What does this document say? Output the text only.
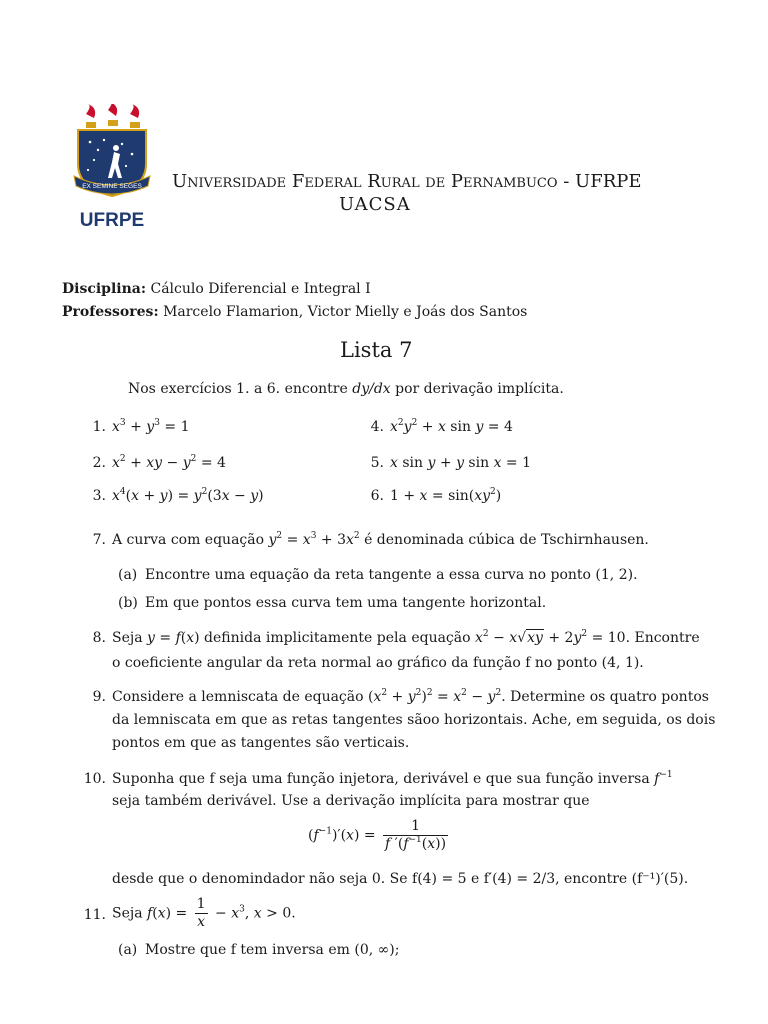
EX SEMINE SEGES
UFRPE
Universidade Federal Rural de Pernambuco - UFRPE
UACSA
Disciplina: Cálculo Diferencial e Integral I
Professores: Marcelo Flamarion, Victor Mielly e Joás dos Santos
Lista 7
Nos exercícios 1. a 6. encontre dy/dx por derivação implícita.
1. $x^3 + y^3 = 1$
2. $x^2$ + xy − $y^2 = 4$
3. $x^4(x + y) = y^2(3x - y)$
4. $x^2y^2 + x$ sin y = 4
5. x sin y + y sin x = 1
6. $1 + x = \sin(xy^2)$
7. A curva com equação $y^2 = x^3 + 3x^2$ é denominada cúbica de Tschirnhausen.
(a) Encontre uma equação da reta tangente a essa curva no ponto (1, 2).
(b) Em que pontos essa curva tem uma tangente horizontal.
8. Seja y = f(x) definida implicitamente pela equação $x^2 - x√xy + 2y^2 = 10$. Encontre
o coeficiente angular da reta normal ao gráfico da função f no ponto (4, 1).
9. Considere a lemniscata de equação $(x^2 + y^2)^2 = x^2 - y^2$. Determine os quatro pontos
da lemniscata em que as retas tangentes sãoo horizontais. Ache, em seguida, os dois
pontos em que as tangentes são verticais.
10. Suponha que f seja uma função injetora, derivável e que sua função inversa $f^{-1}$
seja também derivável. Use a derivação implícita para mostrar que
$(f^{-1})'(x) = \frac{1}{f '(f^{-1}(x))}$
desde que o denomindador não seja 0. Se f(4) = 5 e f′(4) = 2/3, encontre (f⁻¹)′(5).
11. Seja $f(x) = \frac{1}{x} - x^3$, x > 0.
(a) Mostre que f tem inversa em (0, ∞);
